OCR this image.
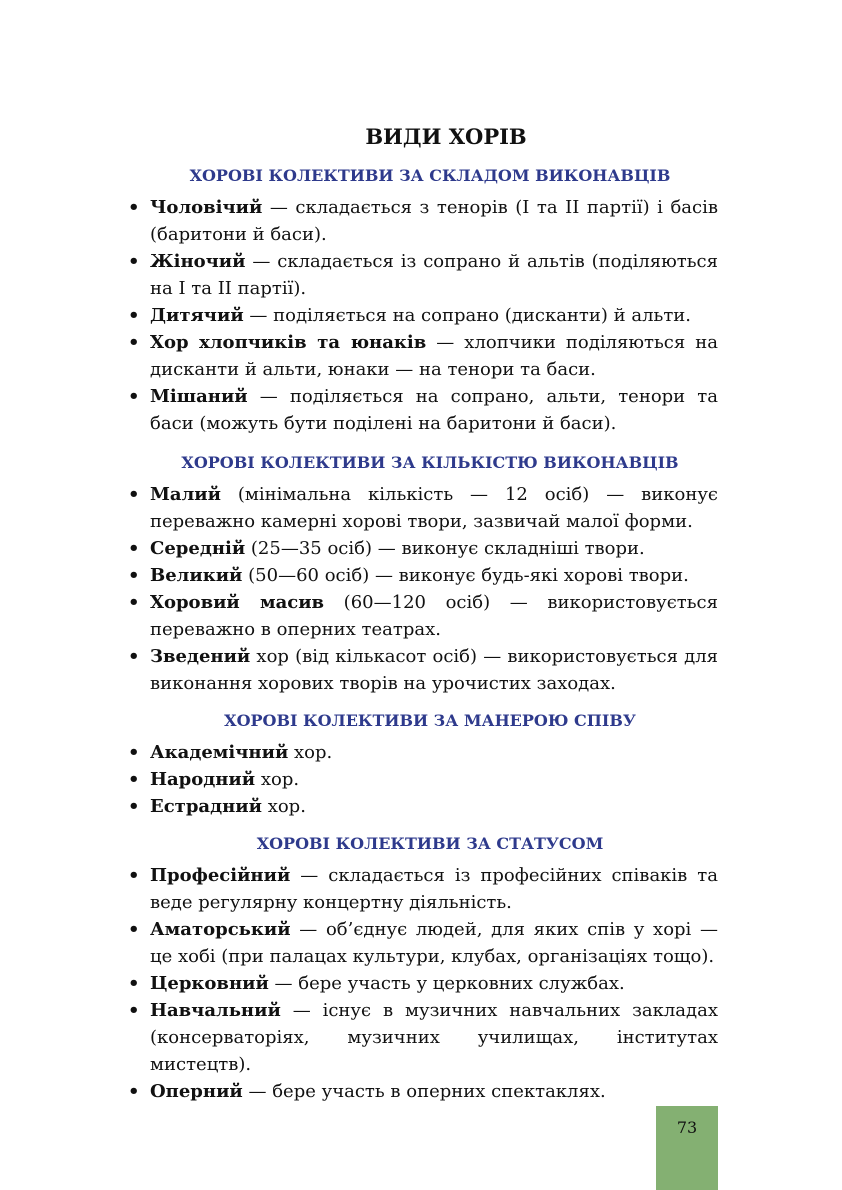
ВИДИ ХОРІВ
ХОРОВІ КОЛЕКТИВИ ЗА СКЛАДОМ ВИКОНАВЦІВ
• Чоловічий — складається з тенорів (I та II партії) і басів (баритони й баси).
• Жіночий — складається із сопрано й альтів (поділяються на I та II партії).
• Дитячий — поділяється на сопрано (дисканти) й альти.
• Хор хлопчиків та юнаків — хлопчики поділяються на дисканти й альти, юнаки — на тенори та баси.
• Мішаний — поділяється на сопрано, альти, тенори та баси (можуть бути поділені на баритони й баси).
ХОРОВІ КОЛЕКТИВИ ЗА КІЛЬКІСТЮ ВИКОНАВЦІВ
• Малий (мінімальна кількість — 12 осіб) — виконує переважно камерні хорові твори, зазвичай малої форми.
• Середній (25—35 осіб) — виконує складніші твори.
• Великий (50—60 осіб) — виконує будь-які хорові твори.
• Хоровий масив (60—120 осіб) — використовується переважно в оперних театрах.
• Зведений хор (від кількасот осіб) — використовується для виконання хорових творів на урочистих заходах.
ХОРОВІ КОЛЕКТИВИ ЗА МАНЕРОЮ СПІВУ
• Академічний хор.
• Народний хор.
• Естрадний хор.
ХОРОВІ КОЛЕКТИВИ ЗА СТАТУСОМ
• Професійний — складається із професійних співаків та веде регулярну концертну діяльність.
• Аматорський — об’єднує людей, для яких спів у хорі — це хобі (при палацах культури, клубах, організаціях тощо).
• Церковний — бере участь у церковних службах.
• Навчальний — існує в музичних навчальних закладах (консерваторіях, музичних училищах, інститутах мистецтв).
• Оперний — бере участь в оперних спектаклях.
73
